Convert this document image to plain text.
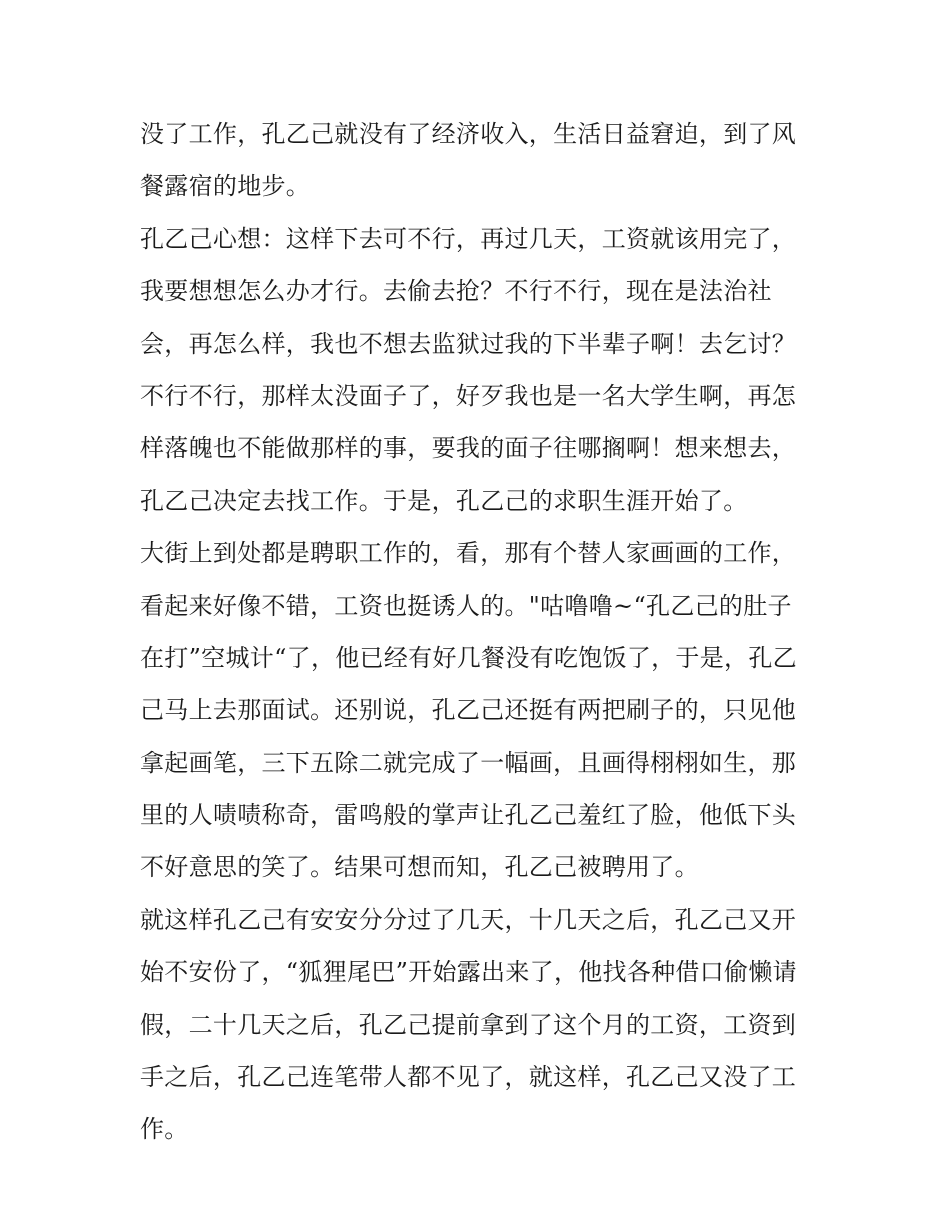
没了工作，孔乙己就没有了经济收入，生活日益窘迫，到了风
餐露宿的地步。
孔乙己心想：这样下去可不行，再过几天，工资就该用完了，
我要想想怎么办才行。去偷去抢？不行不行，现在是法治社
会，再怎么样，我也不想去监狱过我的下半辈子啊！去乞讨？
不行不行，那样太没面子了，好歹我也是一名大学生啊，再怎
样落魄也不能做那样的事，要我的面子往哪搁啊！想来想去，
孔乙己决定去找工作。于是，孔乙己的求职生涯开始了。
大街上到处都是聘职工作的，看，那有个替人家画画的工作，
看起来好像不错，工资也挺诱人的。"咕噜噜~“孔乙己的肚子
在打”空城计“了，他已经有好几餐没有吃饱饭了，于是，孔乙
己马上去那面试。还别说，孔乙己还挺有两把刷子的，只见他
拿起画笔，三下五除二就完成了一幅画，且画得栩栩如生，那
里的人啧啧称奇，雷鸣般的掌声让孔乙己羞红了脸，他低下头
不好意思的笑了。结果可想而知，孔乙己被聘用了。
就这样孔乙己有安安分分过了几天，十几天之后，孔乙己又开
始不安份了，“狐狸尾巴”开始露出来了，他找各种借口偷懒请
假，二十几天之后，孔乙己提前拿到了这个月的工资，工资到
手之后，孔乙己连笔带人都不见了，就这样，孔乙己又没了工
作。
